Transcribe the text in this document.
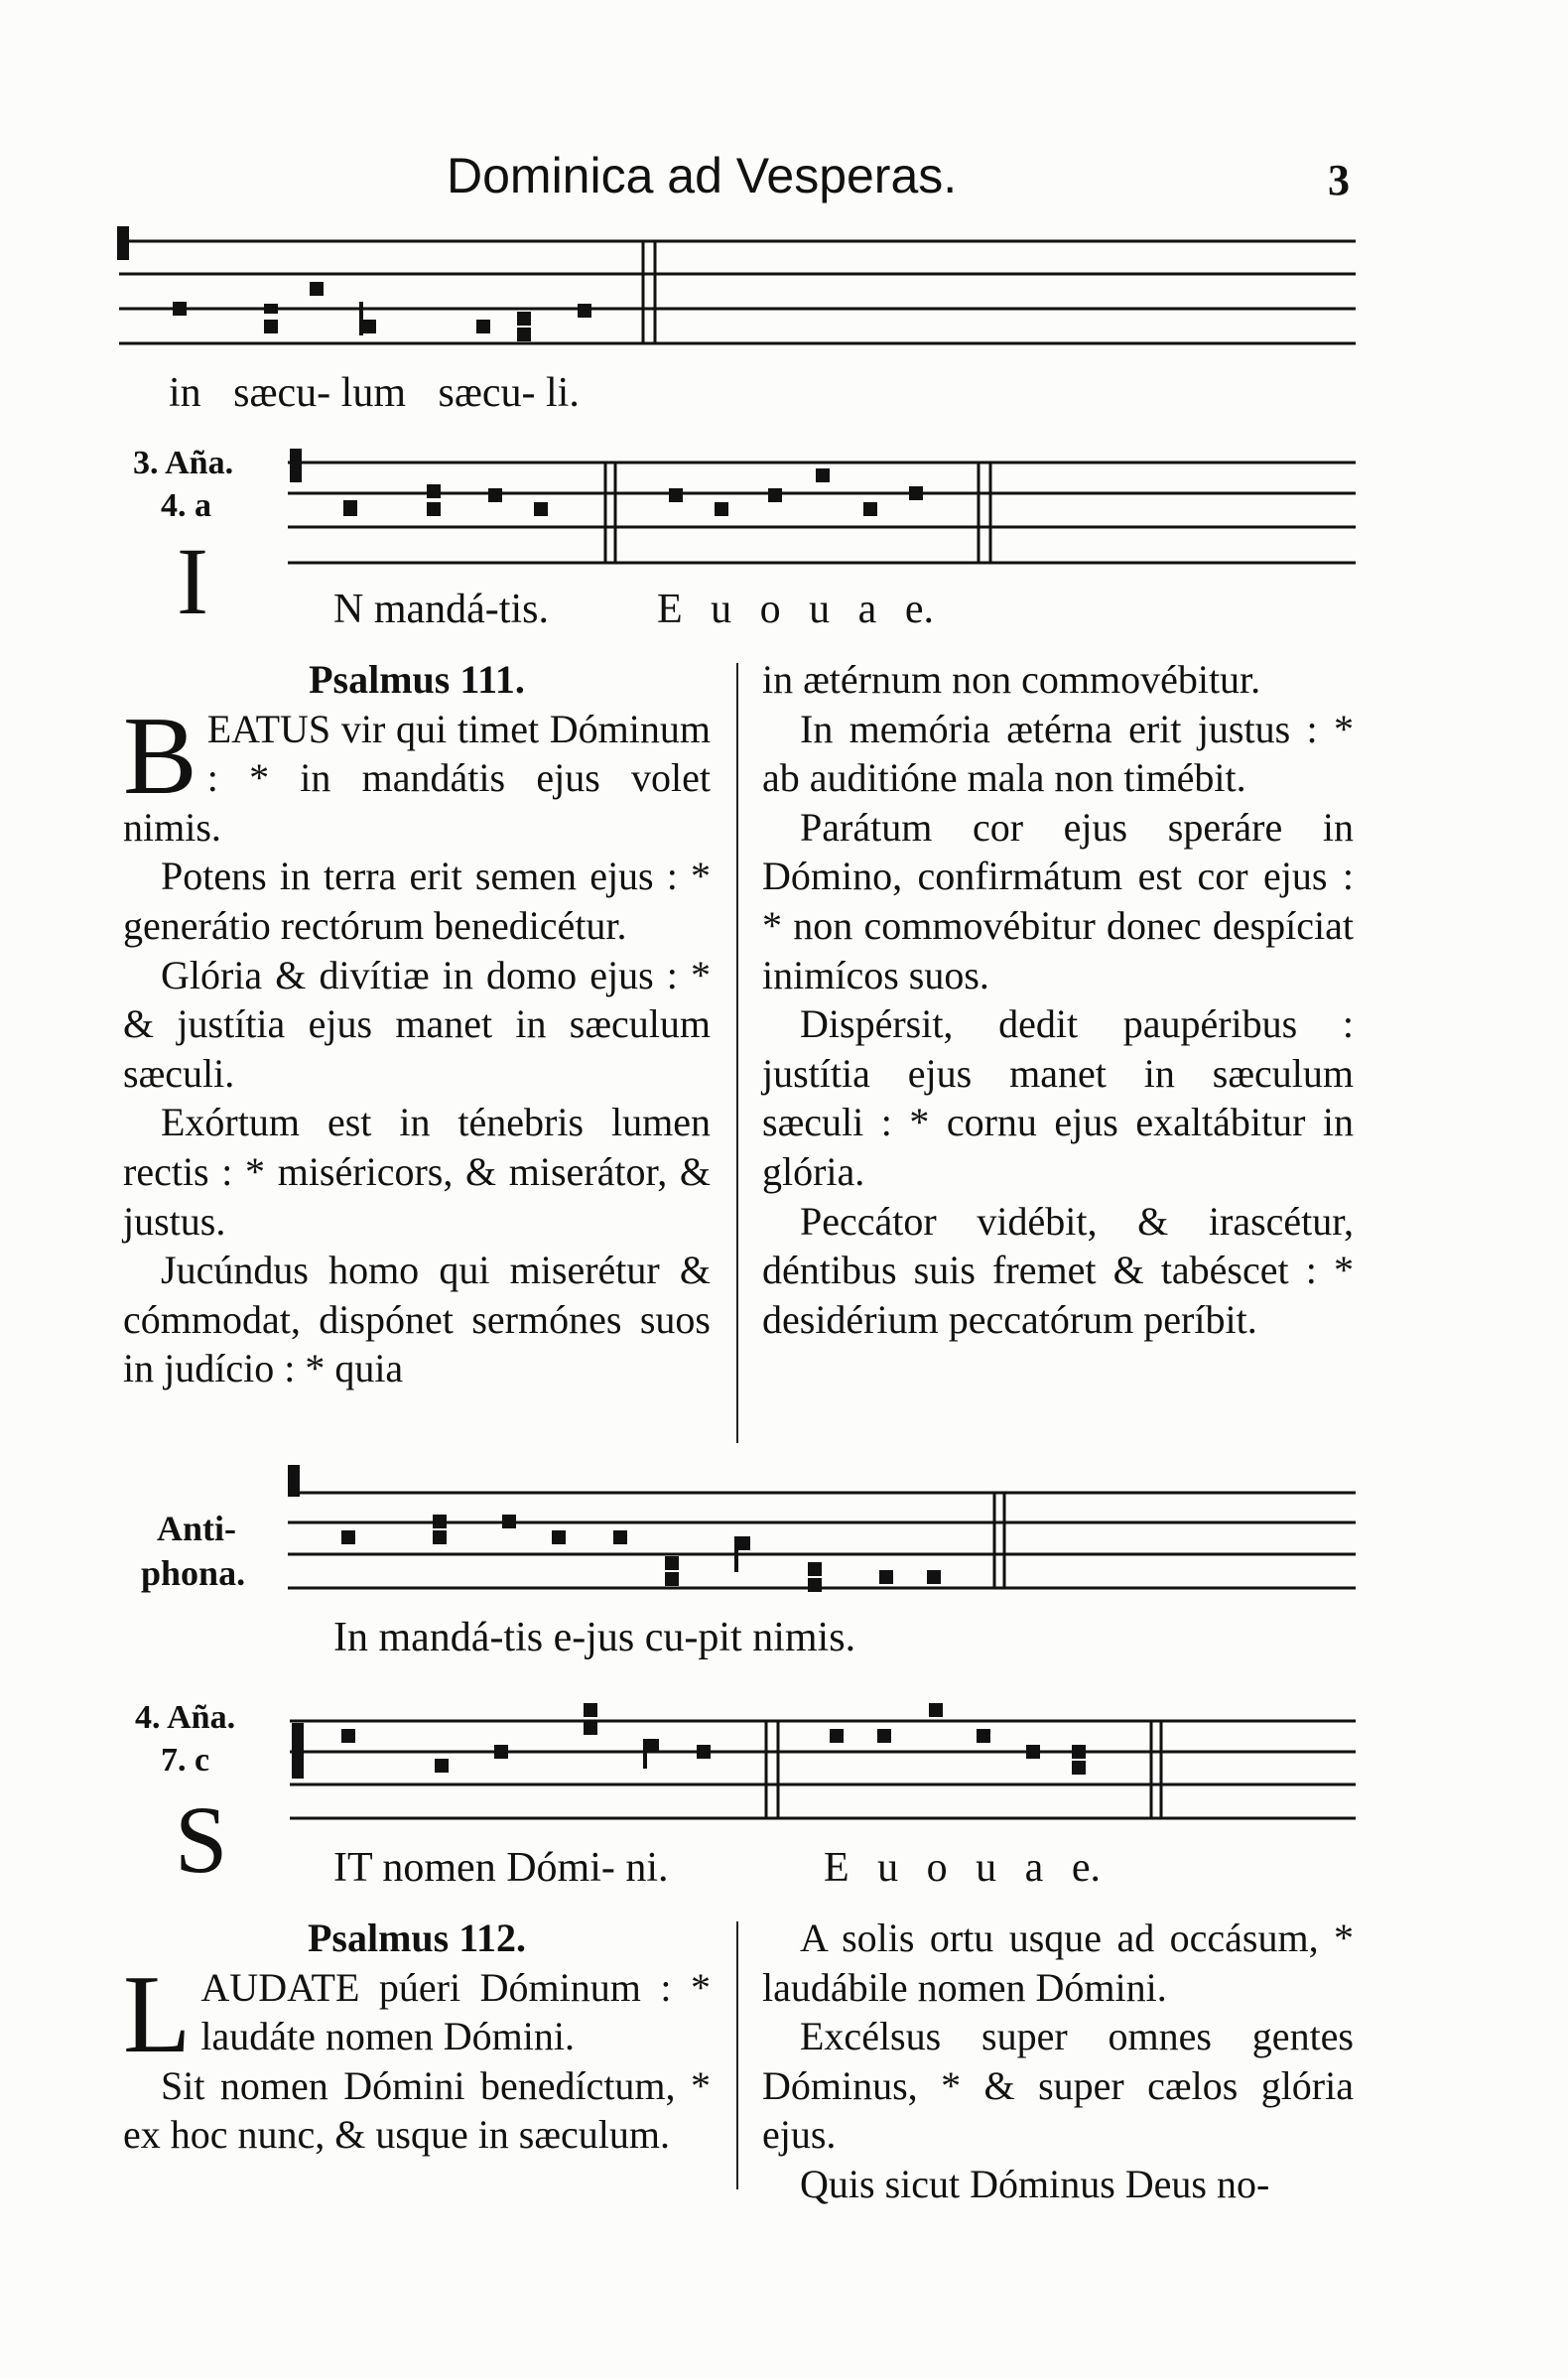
Dominica ad Vesperas.	3
in sæcu- lum sæcu- li.
3. Aña.
4. a
I	N mandá-tis.	E u o u a e.

Psalmus 111.

BEATUS vir qui timet Dóminum : * in mandátis ejus volet nimis.

Potens in terra erit semen ejus : * generátio rectórum benedicétur.

Glória & divítiæ in domo ejus : * & justítia ejus manet in sæculum sæculi.

Exórtum est in ténebris lumen rectis : * miséricors, & miserátor, & justus.

Jucúndus homo qui miserétur & cómmodat, dispónet sermónes suos in judício : * quia

in ætérnum non commovébitur.

In memória ætérna erit justus : * ab auditióne mala non timébit.

Parátum cor ejus speráre in Dómino, confirmátum est cor ejus : * non commovébitur donec despíciat inimícos suos.

Dispérsit, dedit paupéribus : justítia ejus manet in sæculum sæculi : * cornu ejus exaltábitur in glória.

Peccátor vidébit, & irascétur, déntibus suis fremet & tabéscet : * desidérium peccatórum períbit.

Anti-
phona.
In mandá-tis e-jus cu-pit nimis.
4. Aña.
7. c
S	IT nomen Dómi- ni.	E u o u a e.

Psalmus 112.

LAUDATE púeri Dóminum : * laudáte nomen Dómini.

Sit nomen Dómini benedíctum, * ex hoc nunc, & usque in sæculum.

A solis ortu usque ad occásum, * laudábile nomen Dómini.

Excélsus super omnes gentes Dóminus, * & super cælos glória ejus.

Quis sicut Dóminus Deus no-
